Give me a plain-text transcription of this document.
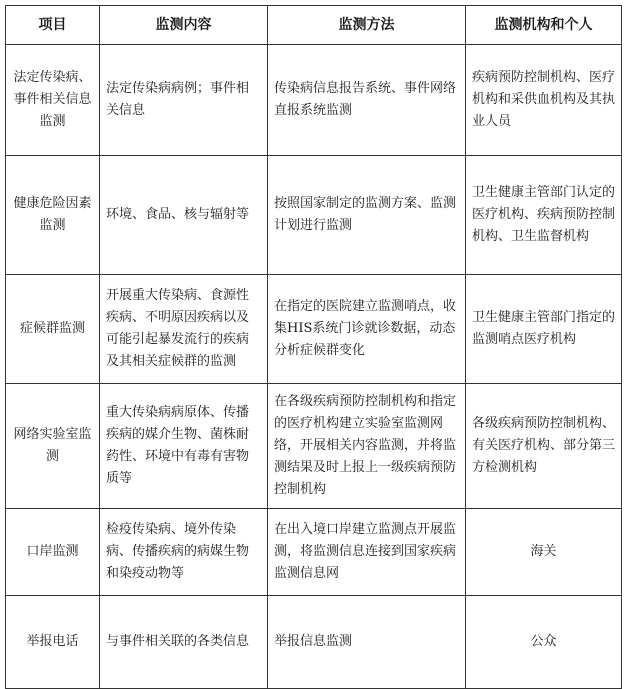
项目	监测内容	监测方法	监测机构和个人
法定传染病、事件相关信息监测	法定传染病病例；事件相关信息	传染病信息报告系统、事件网络直报系统监测	疾病预防控制机构、医疗机构和采供血机构及其执业人员
健康危险因素监测	环境、食品、核与辐射等	按照国家制定的监测方案、监测计划进行监测	卫生健康主管部门认定的医疗机构、疾病预防控制机构、卫生监督机构
症候群监测	开展重大传染病、食源性疾病、不明原因疾病以及可能引起暴发流行的疾病及其相关症候群的监测	在指定的医院建立监测哨点，收集HIS系统门诊就诊数据，动态分析症候群变化	卫生健康主管部门指定的监测哨点医疗机构
网络实验室监测	重大传染病病原体、传播疾病的媒介生物、菌株耐药性、环境中有毒有害物质等	在各级疾病预防控制机构和指定的医疗机构建立实验室监测网络，开展相关内容监测，并将监测结果及时上报上一级疾病预防控制机构	各级疾病预防控制机构、有关医疗机构、部分第三方检测机构
口岸监测	检疫传染病、境外传染病、传播疾病的病媒生物和染疫动物等	在出入境口岸建立监测点开展监测，将监测信息连接到国家疾病监测信息网	海关
举报电话	与事件相关联的各类信息	举报信息监测	公众
